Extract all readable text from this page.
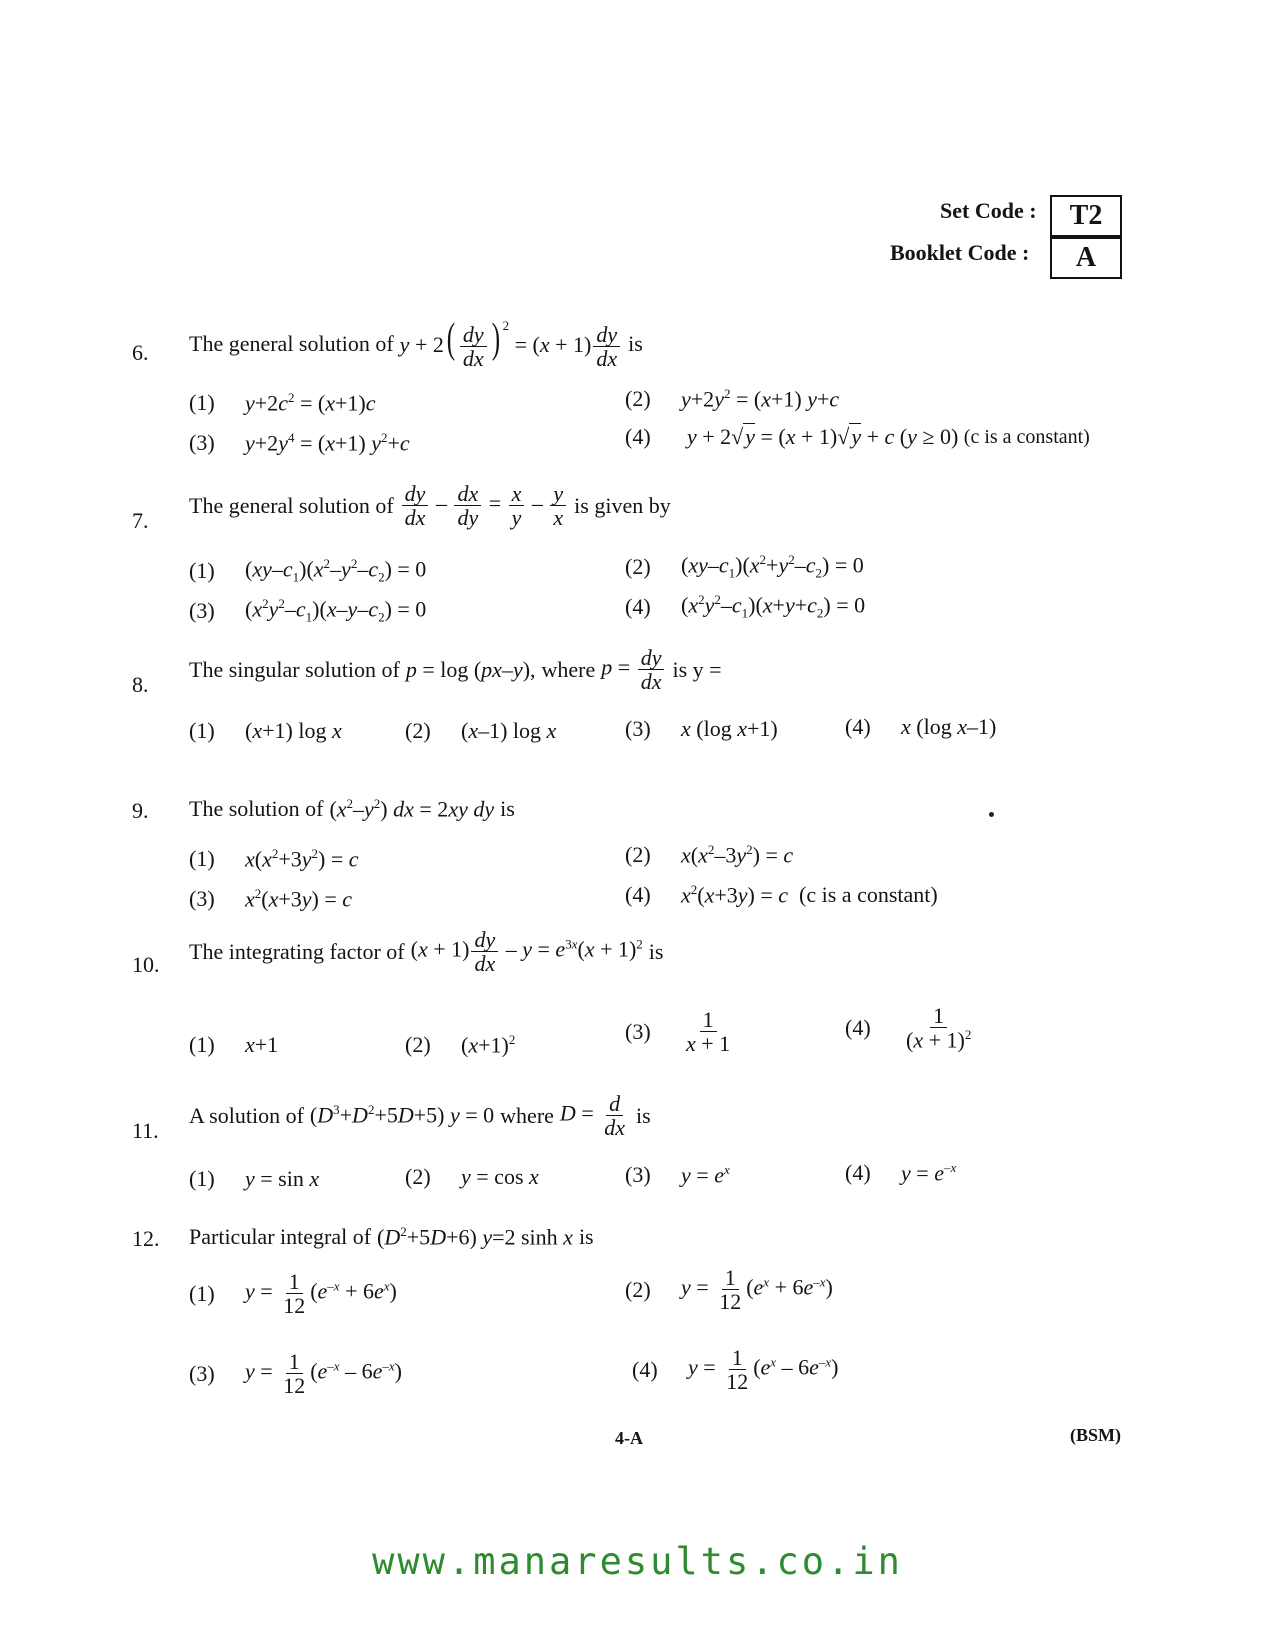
Set Code :	T2
Booklet Code :	A
6. The general solution of $y + 2( \frac{dy}{dx}$ ) $^2 = (x + 1) \frac{dy}{dx}$ is
(1)	$y+2c^2 = (x+1)c$	(2)	$y+2y^2 = (x+1)$ y+c
(3)	$y+2y^4 = (x+1)$ $y^2+c$	(4)	y + 2√y = (x + 1)√y + c (y ≥ 0) (c is a constant)
7.
The general solution of $\frac{dy}{dx} - \frac{dx}{dy} = \frac{x}{y} - \frac{y}{x}$ is given by
(1)	$(xy-c_1)(x^2-y^2-c_2) = 0$	(2)	$(xy-c_1)(x^2+y^2-c_2) = 0$
(3)	$(x^2y^2-c_1)(x-y-c_2) = 0$	(4)	$(x^2y^2-c_1)(x+y+c_2) = 0$
8.
The singular solution of p = log (px–y), where $p = \frac{dy}{dx}$ is y =
(1)	(x+1) log x	(2)	(x–1) log x	(3)	x (log x+1)	(4)	x (log x–1)
9. The solution of $(x^2-y^2)$ dx = 2xy dy is
(1)	$x(x^2+3y^2) = c$	(2)	$x(x^2-3y^2) = c$
(3)	$x^2(x+3y) = c$	(4)	$x^2(x+3y) = c$ (c is a constant)
10.
The integrating factor of $(x + 1) \frac{dy}{dx} - y = e^{3x}(x + 1)^2$ is
(1)	x+1	(2)	$(x+1)^2$	(3)	$\frac{1}{x + 1}$	(4)	$\frac{1}{(x + 1)^2}$
11.
A solution of $(D^3+D^2+5D+5) y = 0$ where $D = \frac{d}{dx}$ is
(1)	y = sin x	(2)	y = cos x	(3)	$y = e^x$	(4)	$y = e^{-x}$
12. Particular integral of $(D^2+5D+6)$ y=2 sinh x is
(1)	$y = \frac{1}{12} (e^{-x} + 6e^x)$	(2)	$y = \frac{1}{12} (e^x + 6e^{-x})$
(3)	$y = \frac{1}{12} (e^{-x} - 6e^{-x})$	(4)	$y = \frac{1}{12} (e^x - 6e^{-x})$
4-A	(BSM)
www.manaresults.co.in
